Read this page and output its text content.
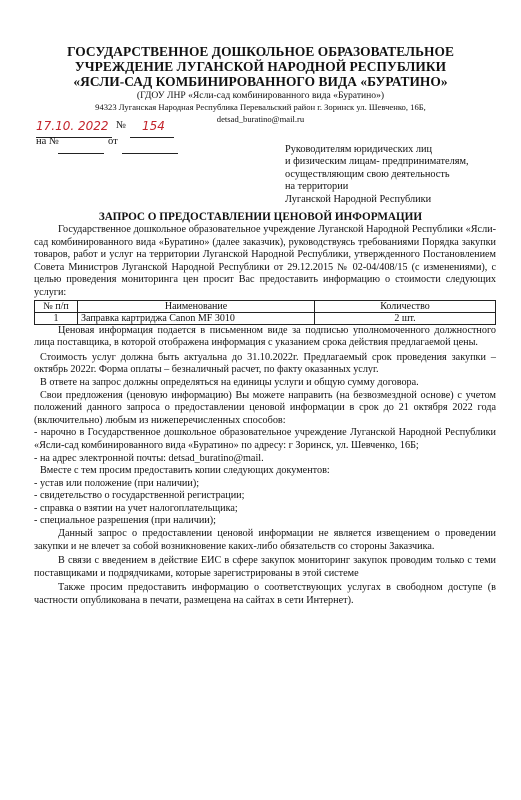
ГОСУДАРСТВЕННОЕ ДОШКОЛЬНОЕ ОБРАЗОВАТЕЛЬНОЕ
УЧРЕЖДЕНИЕ ЛУГАНСКОЙ НАРОДНОЙ РЕСПУБЛИКИ
«ЯСЛИ-САД КОМБИНИРОВАННОГО ВИДА «БУРАТИНО»
(ГДОУ ЛНР «Ясли-сад комбинированного вида «Буратино»)
94323 Луганская Народная Республика Перевальский район г. Зоринск ул. Шевченко, 16Б,
detsad_buratino@mail.ru
17.10. 2022 № 154
на №	от
Руководителям юридических лиц
и физическим лицам- предпринимателям,
осуществляющим свою деятельность
на территории
Луганской Народной Республики
ЗАПРОС О ПРЕДОСТАВЛЕНИИ ЦЕНОВОЙ ИНФОРМАЦИИ

Государственное дошкольное образовательное учреждение Луганской Народной Республики «Ясли-сад комбинированного вида «Буратино» (далее заказчик), руководствуясь требованиями Порядка закупки товаров, работ и услуг на территории Луганской Народной Республики, утвержденного Постановлением Совета Министров Луганской Народной Республики от 29.12.2015 № 02-04/408/15 (с изменениями), с целью проведения мониторинга цен просит Вас предоставить информацию о стоимости следующих услуги:

№ п/п	Наименование	Количество
1	Заправка картриджа Canon MF 3010	2 шт.

Ценовая информация подается в письменном виде за подписью уполномоченного должностного лица поставщика, в которой отображена информация с указанием срока действия предлагаемой цены.

Стоимость услуг должна быть актуальна до 31.10.2022г. Предлагаемый срок проведения закупки – октябрь 2022г. Форма оплаты – безналичный расчет, по факту оказанных услуг.

В ответе на запрос должны определяться на единицы услуги и общую сумму договора.

Свои предложения (ценовую информацию) Вы можете направить (на безвозмездной основе) с учетом положений данного запроса о предоставлении ценовой информации в срок до 21 октября 2022 года (включительно) любым из нижеперечисленных способов:

- нарочно в Государственное дошкольное образовательное учреждение Луганской Народной Республики «Ясли-сад комбинированного вида «Буратино» по адресу: г Зоринск, ул. Шевченко, 16Б;

- на адрес электронной почты: detsad_buratino@mail.

Вместе с тем просим предоставить копии следующих документов:

- устав или положение (при наличии);

- свидетельство о государственной регистрации;

- справка о взятии на учет налогоплательщика;

- специальное разрешения (при наличии);

Данный запрос о предоставлении ценовой информации не является извещением о проведении закупки и не влечет за собой возникновение каких-либо обязательств со стороны Заказчика.

В связи с введением в действие ЕИС в сфере закупок мониторинг закупок проводим только с теми поставщиками и подрядчиками, которые зарегистрированы в этой системе

Также просим предоставить информацию о соответствующих услугах в свободном доступе (в частности опубликована в печати, размещена на сайтах в сети Интернет).
